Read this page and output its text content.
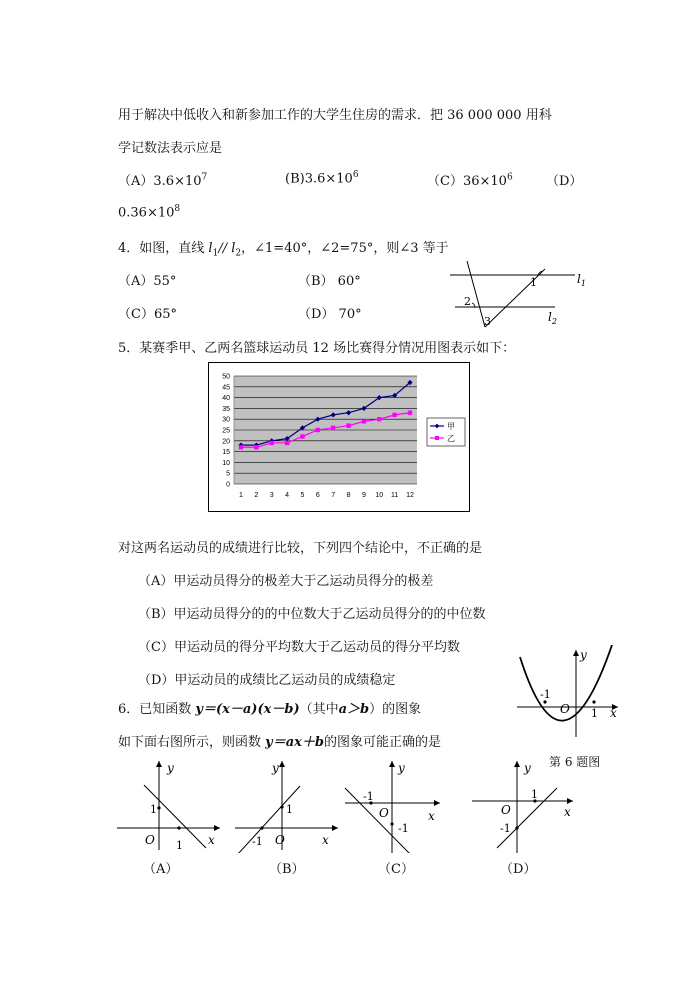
用于解决中低收入和新参加工作的大学生住房的需求．把 36 000 000 用科
学记数法表示应是
$(A)3.6\times 10^7$	$(B)3.6\times 10^6$	$(C)36\times 10^6$	（D）
$0.36\times 10^8$
4．如图，直线 $l_1//$ $l_2$，∠1=40°，∠2=75°，则∠3 等于
（A）55°	（B） 60°
（C）65°	（D） 70°
$l_1$
$l_2$
1
2
3
5．某赛季甲、乙两名篮球运动员 12 场比赛得分情况用图表示如下：
0
5
10
15
20
25
30
35
40
45
50
1 2 3 4 5 6 7 8 9 10 11 12
甲
乙
对这两名运动员的成绩进行比较，下列四个结论中，不正确的是
（A）甲运动员得分的极差大于乙运动员得分的极差
（B）甲运动员得分的的中位数大于乙运动员得分的的中位数
（C）甲运动员的得分平均数大于乙运动员的得分平均数
（D）甲运动员的成绩比乙运动员的成绩稳定
6．已知函数 y＝(x－a)(x－b)（其中a＞b）的图象
如下面右图所示，则函数 y＝ax＋b的图象可能正确的是
y
x
O
-1
1
第 6 题图
y
x
O
1
1
（A）
y
x
O
1
-1
（B）
y
x
O
-1
-1
（C）
y
x
O
1
-1
（D）
